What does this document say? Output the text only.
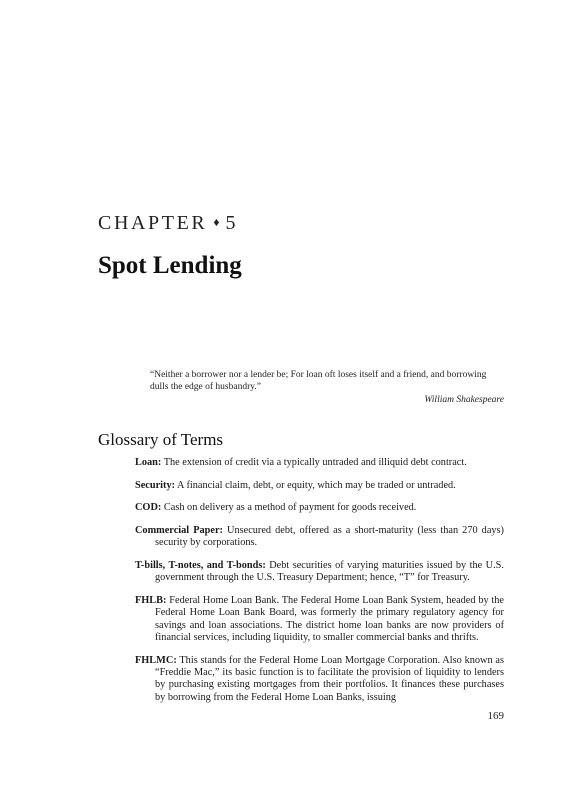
CHAPTER ♦ 5
Spot Lending
“Neither a borrower nor a lender be; For loan oft loses itself and a friend, and borrowing dulls the edge of husbandry.”
William Shakespeare
Glossary of Terms

Loan: The extension of credit via a typically untraded and illiquid debt contract.

Security: A financial claim, debt, or equity, which may be traded or untraded.

COD: Cash on delivery as a method of payment for goods received.

Commercial Paper: Unsecured debt, offered as a short-maturity (less than 270 days) security by corporations.

T-bills, T-notes, and T-bonds: Debt securities of varying maturities issued by the U.S. government through the U.S. Treasury Department; hence, “T” for Treasury.

FHLB: Federal Home Loan Bank. The Federal Home Loan Bank System, headed by the Federal Home Loan Bank Board, was formerly the primary regulatory agency for savings and loan associations. The district home loan banks are now providers of financial services, including liquidity, to smaller commercial banks and thrifts.

FHLMC: This stands for the Federal Home Loan Mortgage Corporation. Also known as “Freddie Mac,” its basic function is to facilitate the provision of liquidity to lenders by purchasing existing mortgages from their portfolios. It finances these purchases by borrowing from the Federal Home Loan Banks, issuing

169
